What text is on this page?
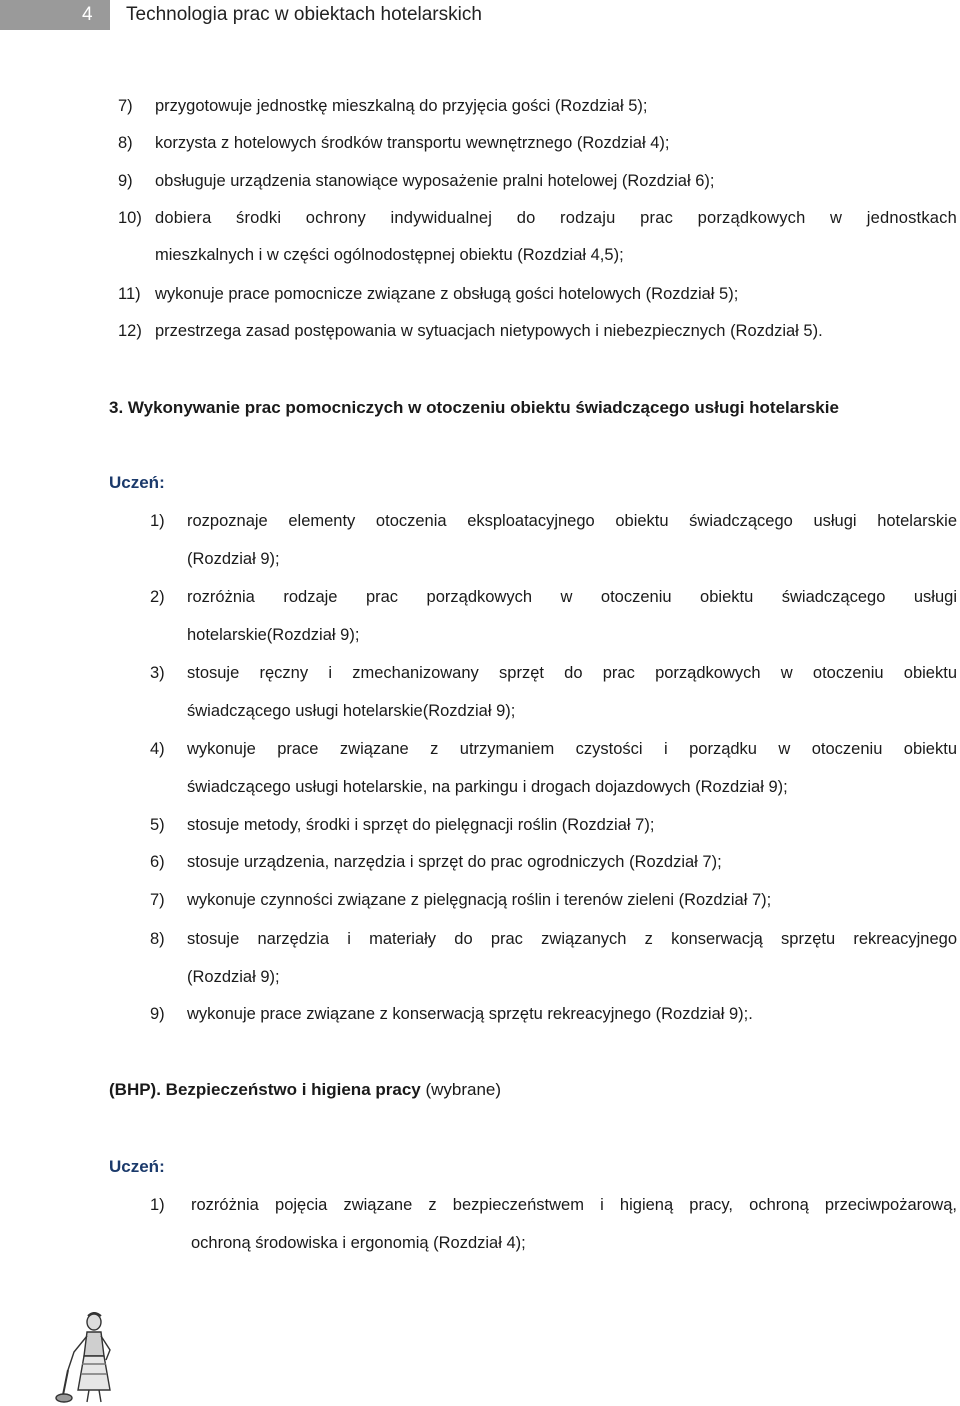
4	Technologia prac w obiektach hotelarskich
7) przygotowuje jednostkę mieszkalną do przyjęcia gości (Rozdział 5);
8) korzysta z hotelowych środków transportu wewnętrznego (Rozdział 4);
9) obsługuje urządzenia stanowiące wyposażenie pralni hotelowej (Rozdział 6);
10) dobiera środki ochrony indywidualnej do rodzaju prac porządkowych w jednostkach
mieszkalnych i w części ogólnodostępnej obiektu (Rozdział 4,5);
11) wykonuje prace pomocnicze związane z obsługą gości hotelowych (Rozdział 5);
12) przestrzega zasad postępowania w sytuacjach nietypowych i niebezpiecznych (Rozdział 5).
3. Wykonywanie prac pomocniczych w otoczeniu obiektu świadczącego usługi hotelarskie
Uczeń:
1) rozpoznaje elementy otoczenia eksploatacyjnego obiektu świadczącego usługi hotelarskie
(Rozdział 9);
2) rozróżnia rodzaje prac porządkowych w otoczeniu obiektu świadczącego usługi
hotelarskie(Rozdział 9);
3) stosuje ręczny i zmechanizowany sprzęt do prac porządkowych w otoczeniu obiektu
świadczącego usługi hotelarskie(Rozdział 9);
4) wykonuje prace związane z utrzymaniem czystości i porządku w otoczeniu obiektu
świadczącego usługi hotelarskie, na parkingu i drogach dojazdowych (Rozdział 9);
5) stosuje metody, środki i sprzęt do pielęgnacji roślin (Rozdział 7);
6) stosuje urządzenia, narzędzia i sprzęt do prac ogrodniczych (Rozdział 7);
7) wykonuje czynności związane z pielęgnacją roślin i terenów zieleni (Rozdział 7);
8) stosuje narzędzia i materiały do prac związanych z konserwacją sprzętu rekreacyjnego
(Rozdział 9);
9) wykonuje prace związane z konserwacją sprzętu rekreacyjnego (Rozdział 9);.
(BHP). Bezpieczeństwo i higiena pracy (wybrane)
Uczeń:
1) rozróżnia pojęcia związane z bezpieczeństwem i higieną pracy, ochroną przeciwpożarową,
ochroną środowiska i ergonomią (Rozdział 4);
